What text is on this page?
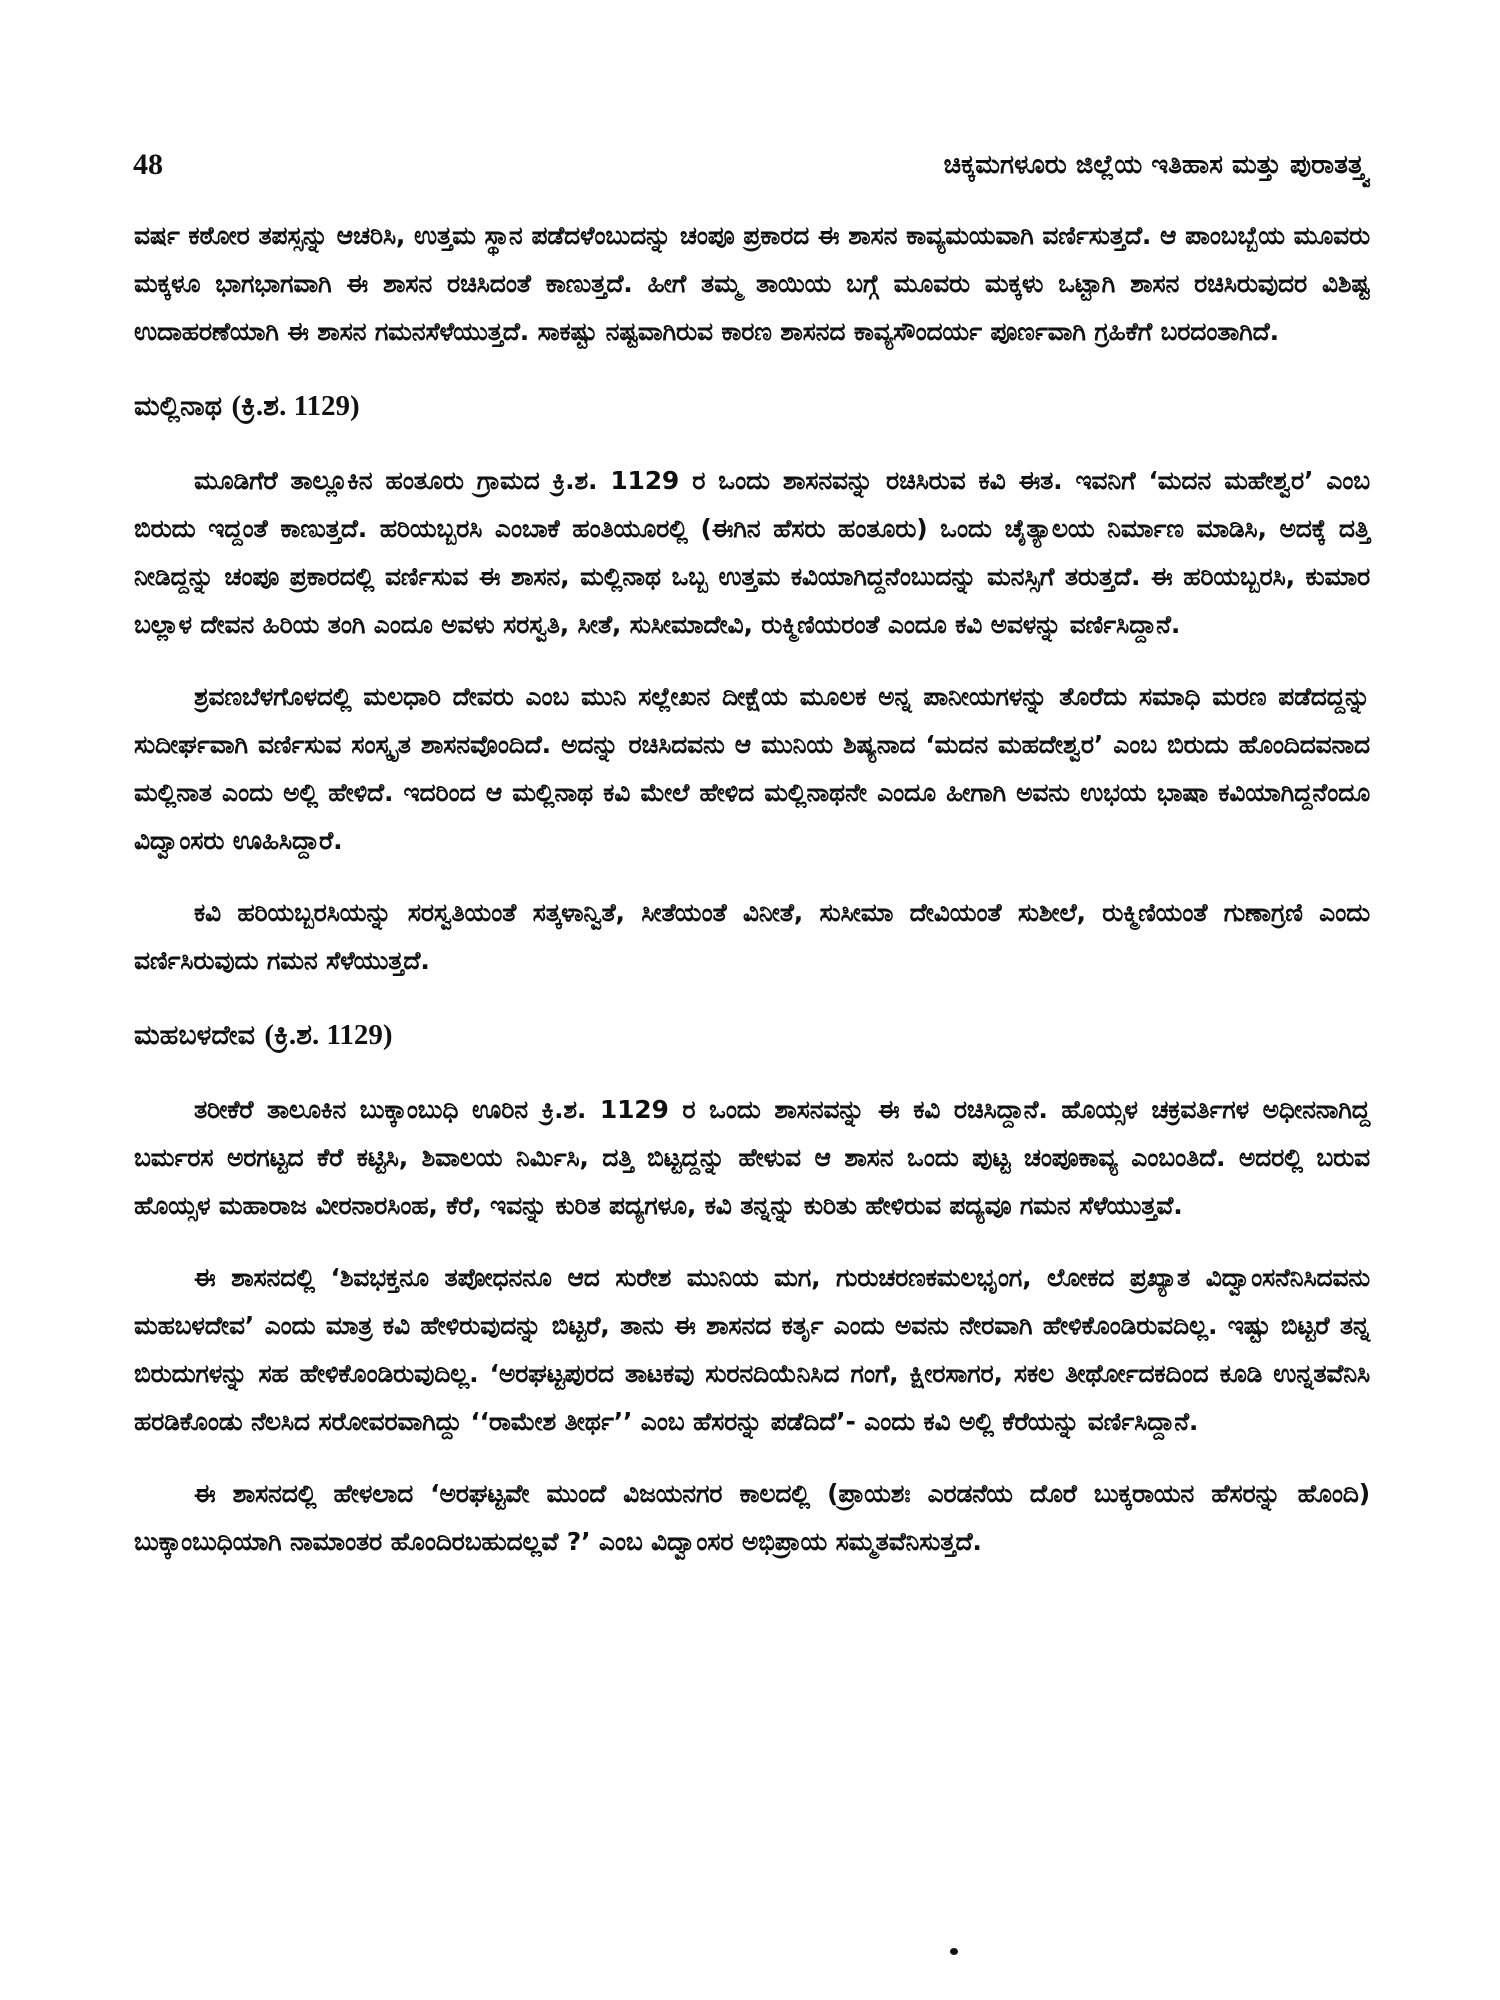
48	ಚಿಕ್ಕಮಗಳೂರು ಜಿಲ್ಲೆಯ ಇತಿಹಾಸ ಮತ್ತು ಪುರಾತತ್ತ್ವ

ವರ್ಷ ಕಠೋರ ತಪಸ್ಸನ್ನು ಆಚರಿಸಿ, ಉತ್ತಮ ಸ್ಥಾನ ಪಡೆದಳೆಂಬುದನ್ನು ಚಂಪೂ ಪ್ರಕಾರದ ಈ ಶಾಸನ ಕಾವ್ಯಮಯವಾಗಿ ವರ್ಣಿಸುತ್ತದೆ. ಆ ಪಾಂಬಬ್ಬೆಯ ಮೂವರು ಮಕ್ಕಳೂ ಭಾಗಭಾಗವಾಗಿ ಈ ಶಾಸನ ರಚಿಸಿದಂತೆ ಕಾಣುತ್ತದೆ. ಹೀಗೆ ತಮ್ಮ ತಾಯಿಯ ಬಗ್ಗೆ ಮೂವರು ಮಕ್ಕಳು ಒಟ್ಟಾಗಿ ಶಾಸನ ರಚಿಸಿರುವುದರ ವಿಶಿಷ್ಟ ಉದಾಹರಣೆಯಾಗಿ ಈ ಶಾಸನ ಗಮನಸೆಳೆಯುತ್ತದೆ. ಸಾಕಷ್ಟು ನಷ್ಟವಾಗಿರುವ ಕಾರಣ ಶಾಸನದ ಕಾವ್ಯಸೌಂದರ್ಯ ಪೂರ್ಣವಾಗಿ ಗ್ರಹಿಕೆಗೆ ಬರದಂತಾಗಿದೆ.

ಮಲ್ಲಿನಾಥ (ಕ್ರಿ.ಶ. 1129)

ಮೂಡಿಗೆರೆ ತಾಲ್ಲೂಕಿನ ಹಂತೂರು ಗ್ರಾಮದ ಕ್ರಿ.ಶ. 1129 ರ ಒಂದು ಶಾಸನವನ್ನು ರಚಿಸಿರುವ ಕವಿ ಈತ. ಇವನಿಗೆ ‘ಮದನ ಮಹೇಶ್ವರ’ ಎಂಬ ಬಿರುದು ಇದ್ದಂತೆ ಕಾಣುತ್ತದೆ. ಹರಿಯಬ್ಬರಸಿ ಎಂಬಾಕೆ ಹಂತಿಯೂರಲ್ಲಿ (ಈಗಿನ ಹೆಸರು ಹಂತೂರು) ಒಂದು ಚೈತ್ಯಾಲಯ ನಿರ್ಮಾಣ ಮಾಡಿಸಿ, ಅದಕ್ಕೆ ದತ್ತಿ ನೀಡಿದ್ದನ್ನು ಚಂಪೂ ಪ್ರಕಾರದಲ್ಲಿ ವರ್ಣಿಸುವ ಈ ಶಾಸನ, ಮಲ್ಲಿನಾಥ ಒಬ್ಬ ಉತ್ತಮ ಕವಿಯಾಗಿದ್ದನೆಂಬುದನ್ನು ಮನಸ್ಸಿಗೆ ತರುತ್ತದೆ. ಈ ಹರಿಯಬ್ಬರಸಿ, ಕುಮಾರ ಬಲ್ಲಾಳ ದೇವನ ಹಿರಿಯ ತಂಗಿ ಎಂದೂ ಅವಳು ಸರಸ್ವತಿ, ಸೀತೆ, ಸುಸೀಮಾದೇವಿ, ರುಕ್ಮಿಣಿಯರಂತೆ ಎಂದೂ ಕವಿ ಅವಳನ್ನು ವರ್ಣಿಸಿದ್ದಾನೆ.

ಶ್ರವಣಬೆಳಗೊಳದಲ್ಲಿ ಮಲಧಾರಿ ದೇವರು ಎಂಬ ಮುನಿ ಸಲ್ಲೇಖನ ದೀಕ್ಷೆಯ ಮೂಲಕ ಅನ್ನ ಪಾನೀಯಗಳನ್ನು ತೊರೆದು ಸಮಾಧಿ ಮರಣ ಪಡೆದದ್ದನ್ನು ಸುದೀರ್ಘವಾಗಿ ವರ್ಣಿಸುವ ಸಂಸ್ಕೃತ ಶಾಸನವೊಂದಿದೆ. ಅದನ್ನು ರಚಿಸಿದವನು ಆ ಮುನಿಯ ಶಿಷ್ಯನಾದ ‘ಮದನ ಮಹದೇಶ್ವರ’ ಎಂಬ ಬಿರುದು ಹೊಂದಿದವನಾದ ಮಲ್ಲಿನಾತ ಎಂದು ಅಲ್ಲಿ ಹೇಳಿದೆ. ಇದರಿಂದ ಆ ಮಲ್ಲಿನಾಥ ಕವಿ ಮೇಲೆ ಹೇಳಿದ ಮಲ್ಲಿನಾಥನೇ ಎಂದೂ ಹೀಗಾಗಿ ಅವನು ಉಭಯ ಭಾಷಾ ಕವಿಯಾಗಿದ್ದನೆಂದೂ ವಿದ್ವಾಂಸರು ಊಹಿಸಿದ್ದಾರೆ.

ಕವಿ ಹರಿಯಬ್ಬರಸಿಯನ್ನು ಸರಸ್ವತಿಯಂತೆ ಸತ್ಕಳಾನ್ವಿತೆ, ಸೀತೆಯಂತೆ ವಿನೀತೆ, ಸುಸೀಮಾ ದೇವಿಯಂತೆ ಸುಶೀಲೆ, ರುಕ್ಮಿಣಿಯಂತೆ ಗುಣಾಗ್ರಣಿ ಎಂದು ವರ್ಣಿಸಿರುವುದು ಗಮನ ಸೆಳೆಯುತ್ತದೆ.

ಮಹಬಳದೇವ (ಕ್ರಿ.ಶ. 1129)

ತರೀಕೆರೆ ತಾಲೂಕಿನ ಬುಕ್ಕಾಂಬುಧಿ ಊರಿನ ಕ್ರಿ.ಶ. 1129 ರ ಒಂದು ಶಾಸನವನ್ನು ಈ ಕವಿ ರಚಿಸಿದ್ದಾನೆ. ಹೊಯ್ಸಳ ಚಕ್ರವರ್ತಿಗಳ ಅಧೀನನಾಗಿದ್ದ ಬರ್ಮರಸ ಅರಗಟ್ಟದ ಕೆರೆ ಕಟ್ಟಿಸಿ, ಶಿವಾಲಯ ನಿರ್ಮಿಸಿ, ದತ್ತಿ ಬಿಟ್ಟದ್ದನ್ನು ಹೇಳುವ ಆ ಶಾಸನ ಒಂದು ಪುಟ್ಟ ಚಂಪೂಕಾವ್ಯ ಎಂಬಂತಿದೆ. ಅದರಲ್ಲಿ ಬರುವ ಹೊಯ್ಸಳ ಮಹಾರಾಜ ವೀರನಾರಸಿಂಹ, ಕೆರೆ, ಇವನ್ನು ಕುರಿತ ಪದ್ಯಗಳೂ, ಕವಿ ತನ್ನನ್ನು ಕುರಿತು ಹೇಳಿರುವ ಪದ್ಯವೂ ಗಮನ ಸೆಳೆಯುತ್ತವೆ.

ಈ ಶಾಸನದಲ್ಲಿ ‘ಶಿವಭಕ್ತನೂ ತಪೋಧನನೂ ಆದ ಸುರೇಶ ಮುನಿಯ ಮಗ, ಗುರುಚರಣಕಮಲಭೃಂಗ, ಲೋಕದ ಪ್ರಖ್ಯಾತ ವಿದ್ವಾಂಸನೆನಿಸಿದವನು ಮಹಬಳದೇವ’ ಎಂದು ಮಾತ್ರ ಕವಿ ಹೇಳಿರುವುದನ್ನು ಬಿಟ್ಟರೆ, ತಾನು ಈ ಶಾಸನದ ಕರ್ತೃ ಎಂದು ಅವನು ನೇರವಾಗಿ ಹೇಳಿಕೊಂಡಿರುವದಿಲ್ಲ. ಇಷ್ಟು ಬಿಟ್ಟರೆ ತನ್ನ ಬಿರುದುಗಳನ್ನು ಸಹ ಹೇಳಿಕೊಂಡಿರುವುದಿಲ್ಲ. ‘ಅರಘಟ್ಟಪುರದ ತಾಟಕವು ಸುರನದಿಯೆನಿಸಿದ ಗಂಗೆ, ಕ್ಷೀರಸಾಗರ, ಸಕಲ ತೀರ್ಥೋದಕದಿಂದ ಕೂಡಿ ಉನ್ನತವೆನಿಸಿ ಹರಡಿಕೊಂಡು ನೆಲಸಿದ ಸರೋವರವಾಗಿದ್ದು ‘‘ರಾಮೇಶ ತೀರ್ಥ’’ ಎಂಬ ಹೆಸರನ್ನು ಪಡೆದಿದೆ’- ಎಂದು ಕವಿ ಅಲ್ಲಿ ಕೆರೆಯನ್ನು ವರ್ಣಿಸಿದ್ದಾನೆ.

ಈ ಶಾಸನದಲ್ಲಿ ಹೇಳಲಾದ ‘ಅರಘಟ್ಟವೇ ಮುಂದೆ ವಿಜಯನಗರ ಕಾಲದಲ್ಲಿ (ಪ್ರಾಯಶಃ ಎರಡನೆಯ ದೊರೆ ಬುಕ್ಕರಾಯನ ಹೆಸರನ್ನು ಹೊಂದಿ) ಬುಕ್ಕಾಂಬುಧಿಯಾಗಿ ನಾಮಾಂತರ ಹೊಂದಿರಬಹುದಲ್ಲವೆ ?’ ಎಂಬ ವಿದ್ವಾಂಸರ ಅಭಿಪ್ರಾಯ ಸಮ್ಮತವೆನಿಸುತ್ತದೆ.
